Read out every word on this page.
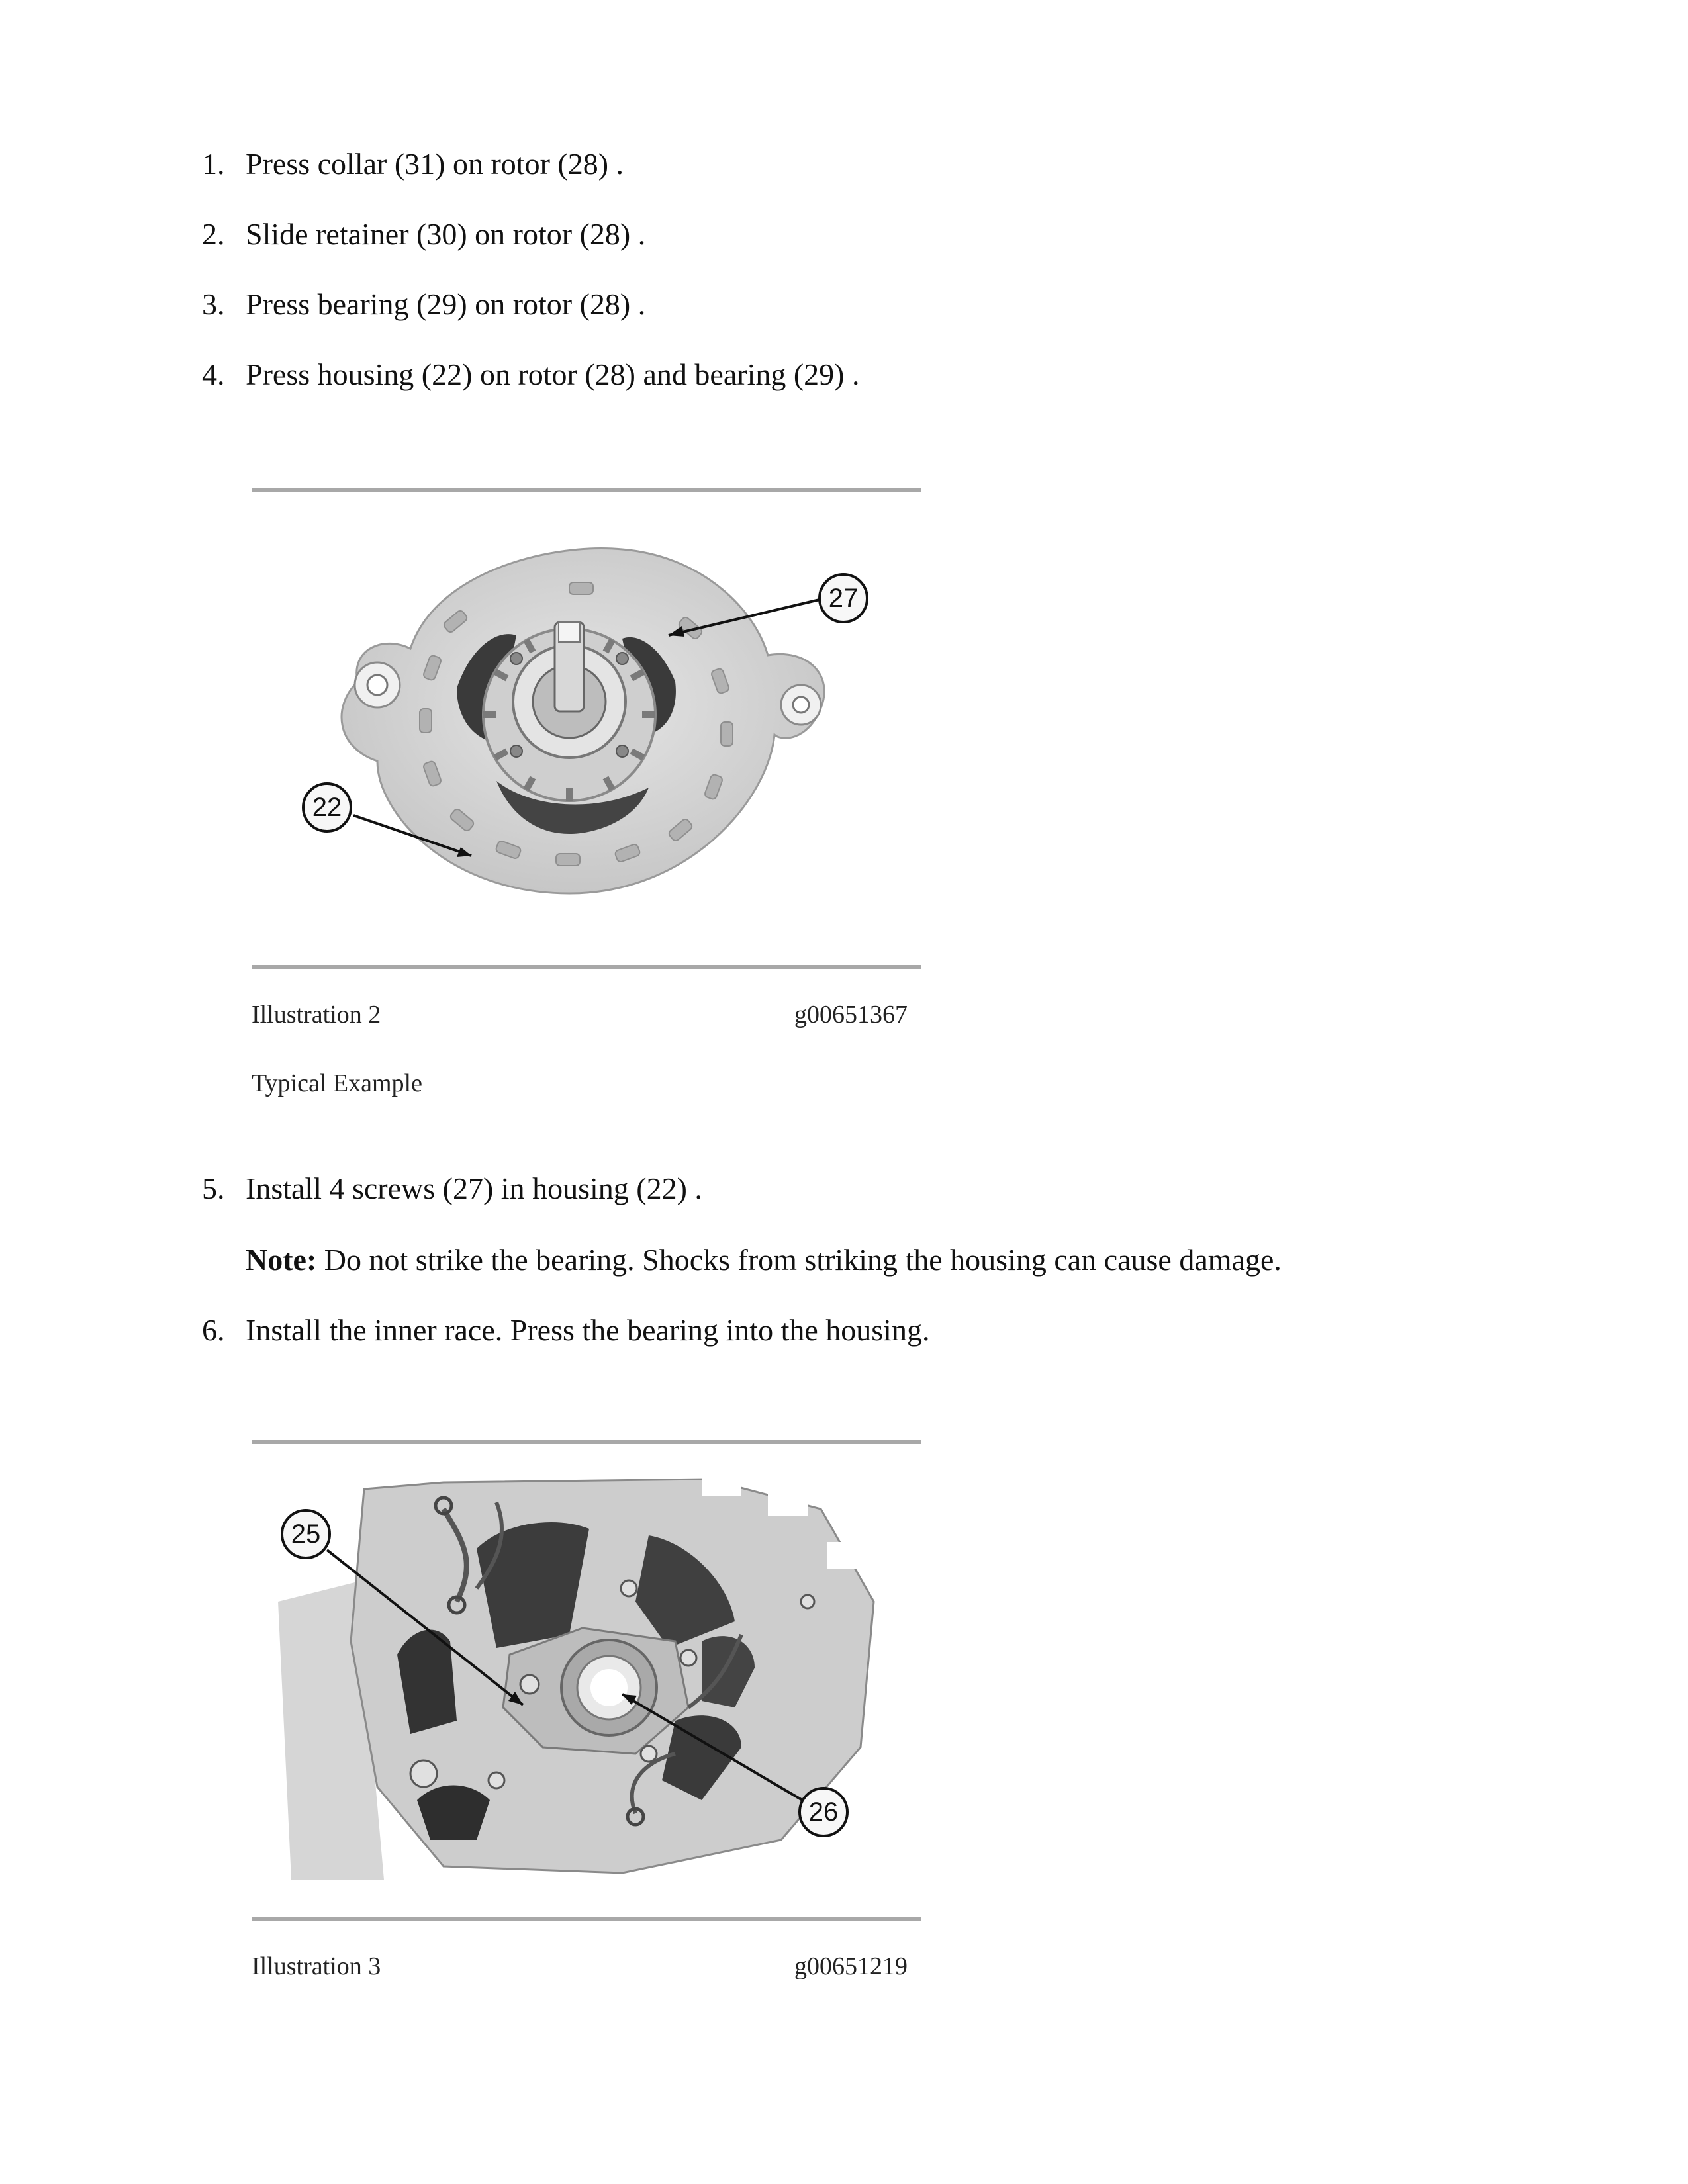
1. Press collar (31) on rotor (28) .
2. Slide retainer (30) on rotor (28) .
3. Press bearing (29) on rotor (28) .
4. Press housing (22) on rotor (28) and bearing (29) .
27
22
Illustration 2	g00651367
Typical Example
5. Install 4 screws (27) in housing (22) .
Note: Do not strike the bearing. Shocks from striking the housing can cause damage.
6. Install the inner race. Press the bearing into the housing.
25
26
Illustration 3	g00651219
